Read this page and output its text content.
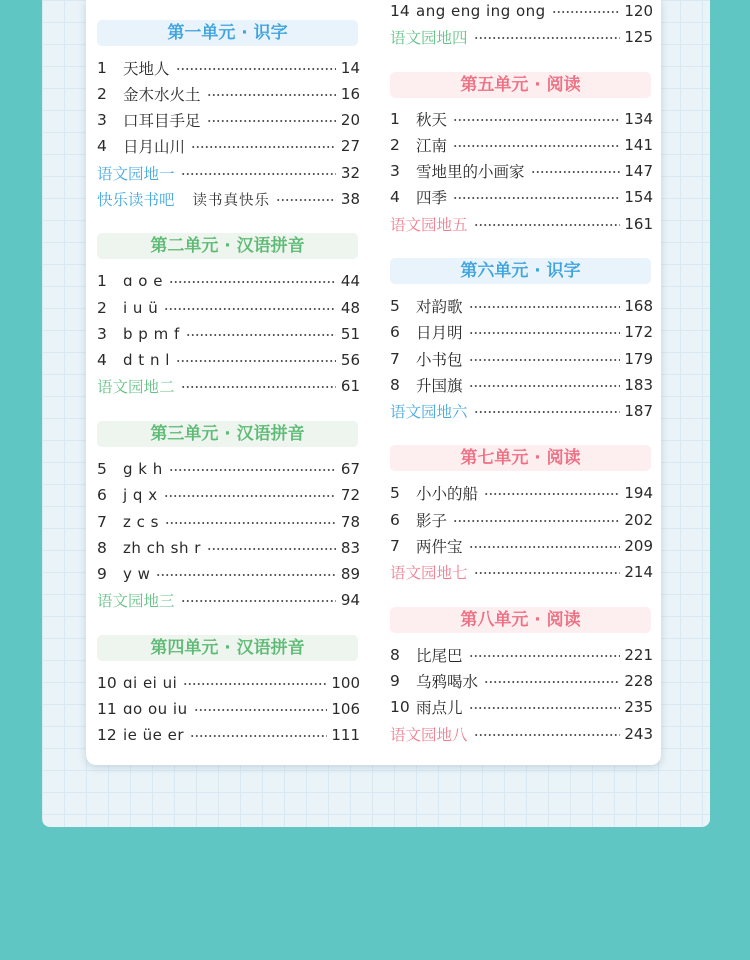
第一单元 · 识字
1	天地人	14
2	金木水火土	16
3	口耳目手足	20
4	日月山川	27
语文园地一	32
快乐读书吧 读书真快乐	38
第二单元 · 汉语拼音
1	ɑ o e	44
2	i u ü	48
3	b p m f	51
4	d t n l	56
语文园地二	61
第三单元 · 汉语拼音
5	g k h	67
6	j q x	72
7	z c s	78
8	zh ch sh r	83
9	y w	89
语文园地三	94
第四单元 · 汉语拼音
10 ɑi ei ui	100
11 ɑo ou iu	106
12 ie üe er	111
14 ang eng ing ong	120
语文园地四	125
第五单元 · 阅读
1	秋天	134
2	江南	141
3	雪地里的小画家	147
4	四季	154
语文园地五	161
第六单元 · 识字
5	对韵歌	168
6	日月明	172
7	小书包	179
8	升国旗	183
语文园地六	187
第七单元 · 阅读
5	小小的船	194
6	影子	202
7	两件宝	209
语文园地七	214
第八单元 · 阅读
8	比尾巴	221
9	乌鸦喝水	228
10 雨点儿	235
语文园地八	243
